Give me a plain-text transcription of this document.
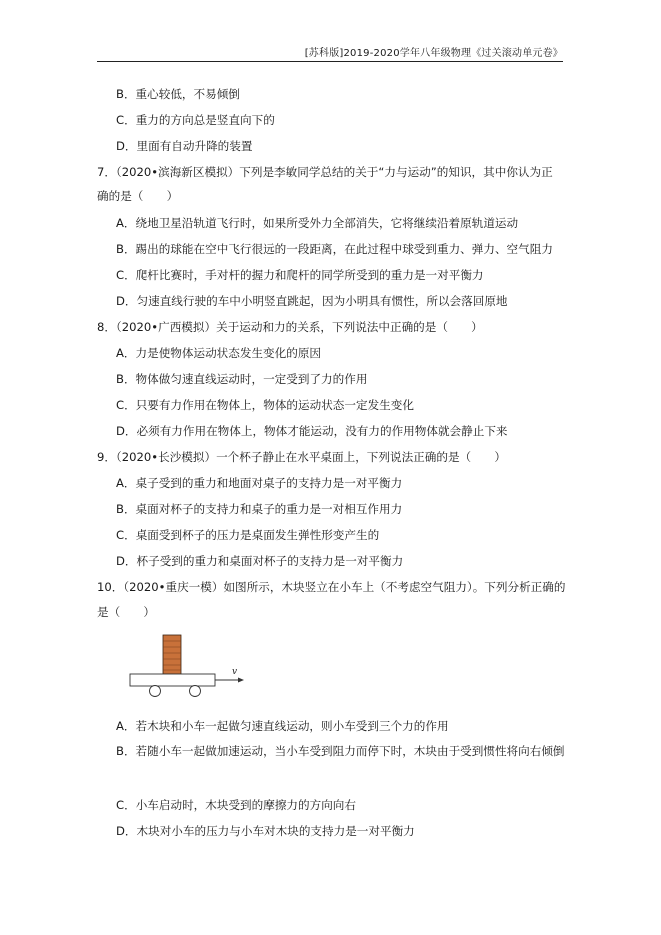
[苏科版]2019-2020学年八年级物理《过关滚动单元卷》
B．重心较低，不易倾倒
C．重力的方向总是竖直向下的
D．里面有自动升降的装置
7．（2020•滨海新区模拟）下列是李敏同学总结的关于“力与运动”的知识，其中你认为正
确的是（　　）
A．绕地卫星沿轨道飞行时，如果所受外力全部消失，它将继续沿着原轨道运动
B．踢出的球能在空中飞行很远的一段距离，在此过程中球受到重力、弹力、空气阻力
C．爬杆比赛时，手对杆的握力和爬杆的同学所受到的重力是一对平衡力
D．匀速直线行驶的车中小明竖直跳起，因为小明具有惯性，所以会落回原地
8．（2020•广西模拟）关于运动和力的关系，下列说法中正确的是（　　）
A．力是使物体运动状态发生变化的原因
B．物体做匀速直线运动时，一定受到了力的作用
C．只要有力作用在物体上，物体的运动状态一定发生变化
D．必须有力作用在物体上，物体才能运动，没有力的作用物体就会静止下来
9．（2020•长沙模拟）一个杯子静止在水平桌面上，下列说法正确的是（　　）
A．桌子受到的重力和地面对桌子的支持力是一对平衡力
B．桌面对杯子的支持力和桌子的重力是一对相互作用力
C．桌面受到杯子的压力是桌面发生弹性形变产生的
D．杯子受到的重力和桌面对杯子的支持力是一对平衡力
10．（2020•重庆一模）如图所示，木块竖立在小车上（不考虑空气阻力）。下列分析正确的
是（　　）
v
A．若木块和小车一起做匀速直线运动，则小车受到三个力的作用
B．若随小车一起做加速运动，当小车受到阻力而停下时，木块由于受到惯性将向右倾倒
C．小车启动时，木块受到的摩擦力的方向向右
D．木块对小车的压力与小车对木块的支持力是一对平衡力
